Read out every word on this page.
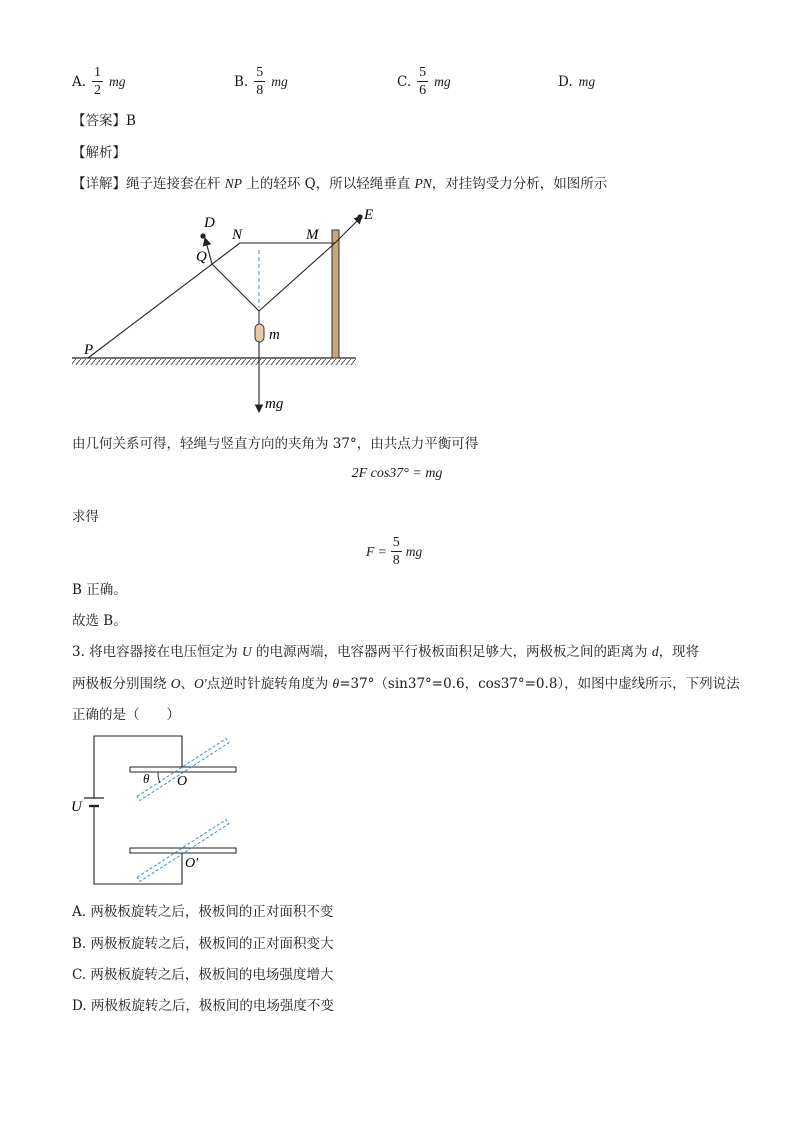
A. $\frac{1}{2}$ mg	B. $\frac{5}{8}$ mg	C. $\frac{5}{6}$ mg	D. mg
【答案】B
【解析】
【详解】绳子连接套在杆 NP 上的轻环 Q，所以轻绳垂直 PN，对挂钩受力分析，如图所示
D
N	M
E
Q
P
m
mg
由几何关系可得，轻绳与竖直方向的夹角为 37°，由共点力平衡可得
2F cos37° = mg
求得
$F = \frac{5}{8}$ mg
B 正确。
故选 B。
3. 将电容器接在电压恒定为 U 的电源两端，电容器两平行极板面积足够大，两极板之间的距离为 d，现将
两极板分别围绕 O、O′点逆时针旋转角度为 θ=37°（sin37°=0.6，cos37°=0.8），如图中虚线所示，下列说法
正确的是（　　）
U
θ O
O′
A. 两极板旋转之后，极板间的正对面积不变
B. 两极板旋转之后，极板间的正对面积变大
C. 两极板旋转之后，极板间的电场强度增大
D. 两极板旋转之后，极板间的电场强度不变
